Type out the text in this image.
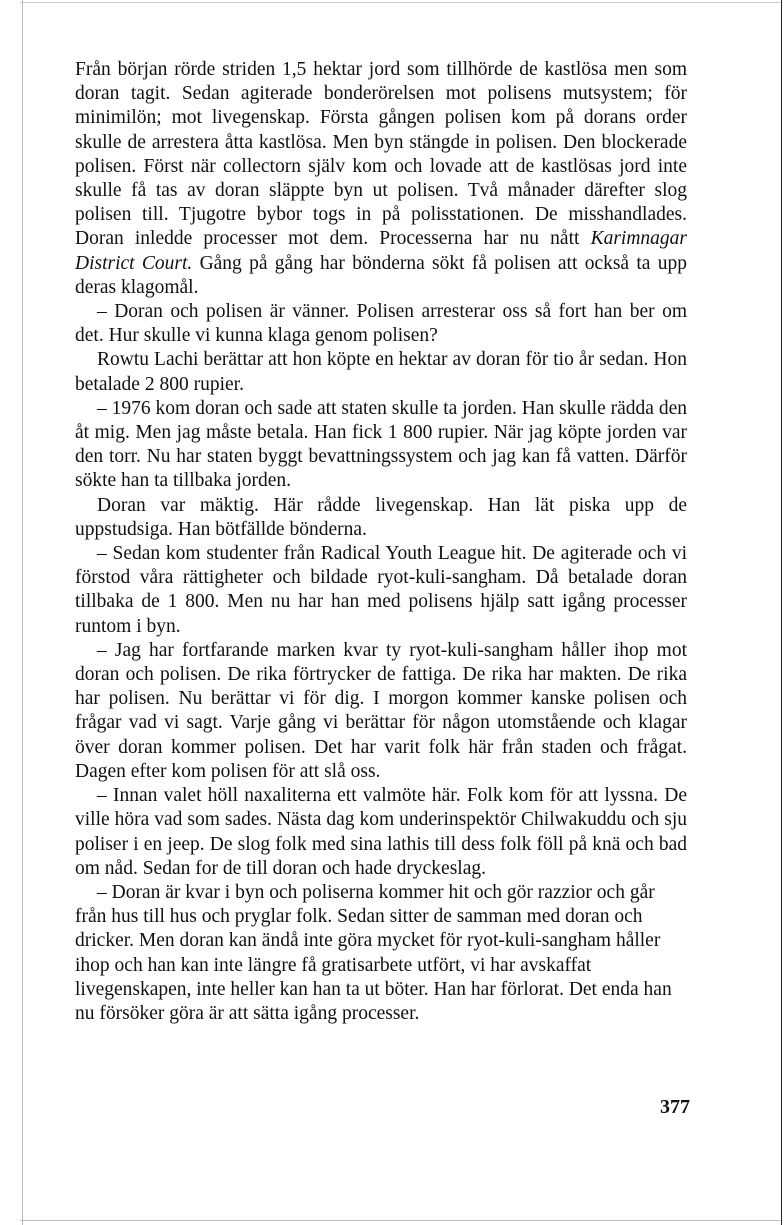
Från början rörde striden 1,5 hektar jord som tillhörde de kastlösa men som doran tagit. Sedan agiterade bonderörelsen mot polisens mutsystem; för minimilön; mot livegenskap. Första gången polisen kom på dorans order skulle de arrestera åtta kastlösa. Men byn stängde in polisen. Den blockerade polisen. Först när collectorn själv kom och lovade att de kastlösas jord inte skulle få tas av doran släppte byn ut polisen. Två månader därefter slog polisen till. Tjugotre bybor togs in på polisstationen. De misshandlades. Doran inledde processer mot dem. Processerna har nu nått Karimnagar District Court. Gång på gång har bönderna sökt få polisen att också ta upp deras klagomål.

– Doran och polisen är vänner. Polisen arresterar oss så fort han ber om det. Hur skulle vi kunna klaga genom polisen?

Rowtu Lachi berättar att hon köpte en hektar av doran för tio år sedan. Hon betalade 2 800 rupier.

– 1976 kom doran och sade att staten skulle ta jorden. Han skulle rädda den åt mig. Men jag måste betala. Han fick 1 800 rupier. När jag köpte jorden var den torr. Nu har staten byggt bevattningssystem och jag kan få vatten. Därför sökte han ta tillbaka jorden.

Doran var mäktig. Här rådde livegenskap. Han lät piska upp de uppstudsiga. Han bötfällde bönderna.

– Sedan kom studenter från Radical Youth League hit. De agiterade och vi förstod våra rättigheter och bildade ryot-kuli-sangham. Då betalade doran tillbaka de 1 800. Men nu har han med polisens hjälp satt igång processer runtom i byn.

– Jag har fortfarande marken kvar ty ryot-kuli-sangham håller ihop mot doran och polisen. De rika förtrycker de fattiga. De rika har makten. De rika har polisen. Nu berättar vi för dig. I morgon kommer kanske polisen och frågar vad vi sagt. Varje gång vi berättar för någon utomstående och klagar över doran kommer polisen. Det har varit folk här från staden och frågat. Dagen efter kom polisen för att slå oss.

– Innan valet höll naxaliterna ett valmöte här. Folk kom för att lyssna. De ville höra vad som sades. Nästa dag kom underinspektör Chilwakuddu och sju poliser i en jeep. De slog folk med sina lathis till dess folk föll på knä och bad om nåd. Sedan for de till doran och hade dryckeslag.

– Doran är kvar i byn och poliserna kommer hit och gör razzior och går från hus till hus och pryglar folk. Sedan sitter de samman med doran och dricker. Men doran kan ändå inte göra mycket för ryot-kuli-sangham håller ihop och han kan inte längre få gratisarbete utfört, vi har avskaffat livegenskapen, inte heller kan han ta ut böter. Han har förlorat. Det enda han nu försöker göra är att sätta igång processer.

377
